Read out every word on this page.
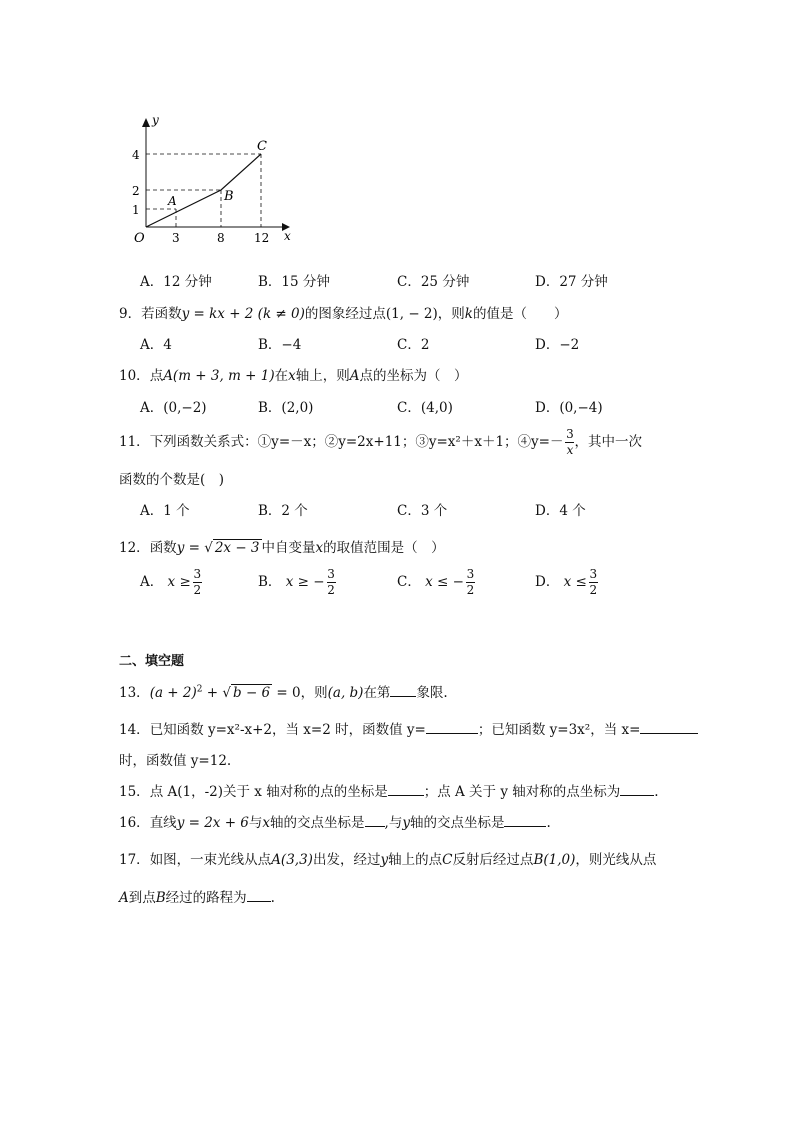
y
x
O
4
2
1
3	8 12
A	B
C
A．12 分钟	B．15 分钟	C．25 分钟	D．27 分钟
9．若函数y = kx + 2 (k ≠ 0)的图象经过点(1, − 2)，则k的值是（　　）
A．4	B．−4	C．2	D．−2
10．点A(m + 3, m + 1)在x轴上，则A点的坐标为（　）
A．(0,−2)	B．(2,0)	C．(4,0)	D．(0,−4)
11．下列函数关系式：①y=－x；②y=2x+11；③y=x²＋x＋1；④y=－ $\frac{3}{x}$ ，其中一次
函数的个数是(　)
A．1 个	B．2 个	C．3 个	D．4 个
12．函数y = √ 2x − 3 中自变量x的取值范围是（　）
A． $x \ge \frac{3}{2}$	B． x ≥ − $\frac{3}{2}$	C． x ≤ − $\frac{3}{2}$	D． $x \le \frac{3}{2}$
二、填空题
13．$(a + 2)^2$ + √ b − 6 = 0，则(a, b)在第 象限.
14．已知函数 y=x²-x+2，当 x=2 时，函数值 y=	；已知函数 y=3x²，当 x=
时，函数值 y=12.
15．点 A(1，-2)关于 x 轴对称的点的坐标是	；点 A 关于 y 轴对称的点坐标为	.
16．直线y = 2x + 6与x轴的交点坐标是 ,与y轴的交点坐标是	.
17．如图，一束光线从点A(3,3)出发，经过y轴上的点C反射后经过点B(1,0)，则光线从点
A到点B经过的路程为 .
